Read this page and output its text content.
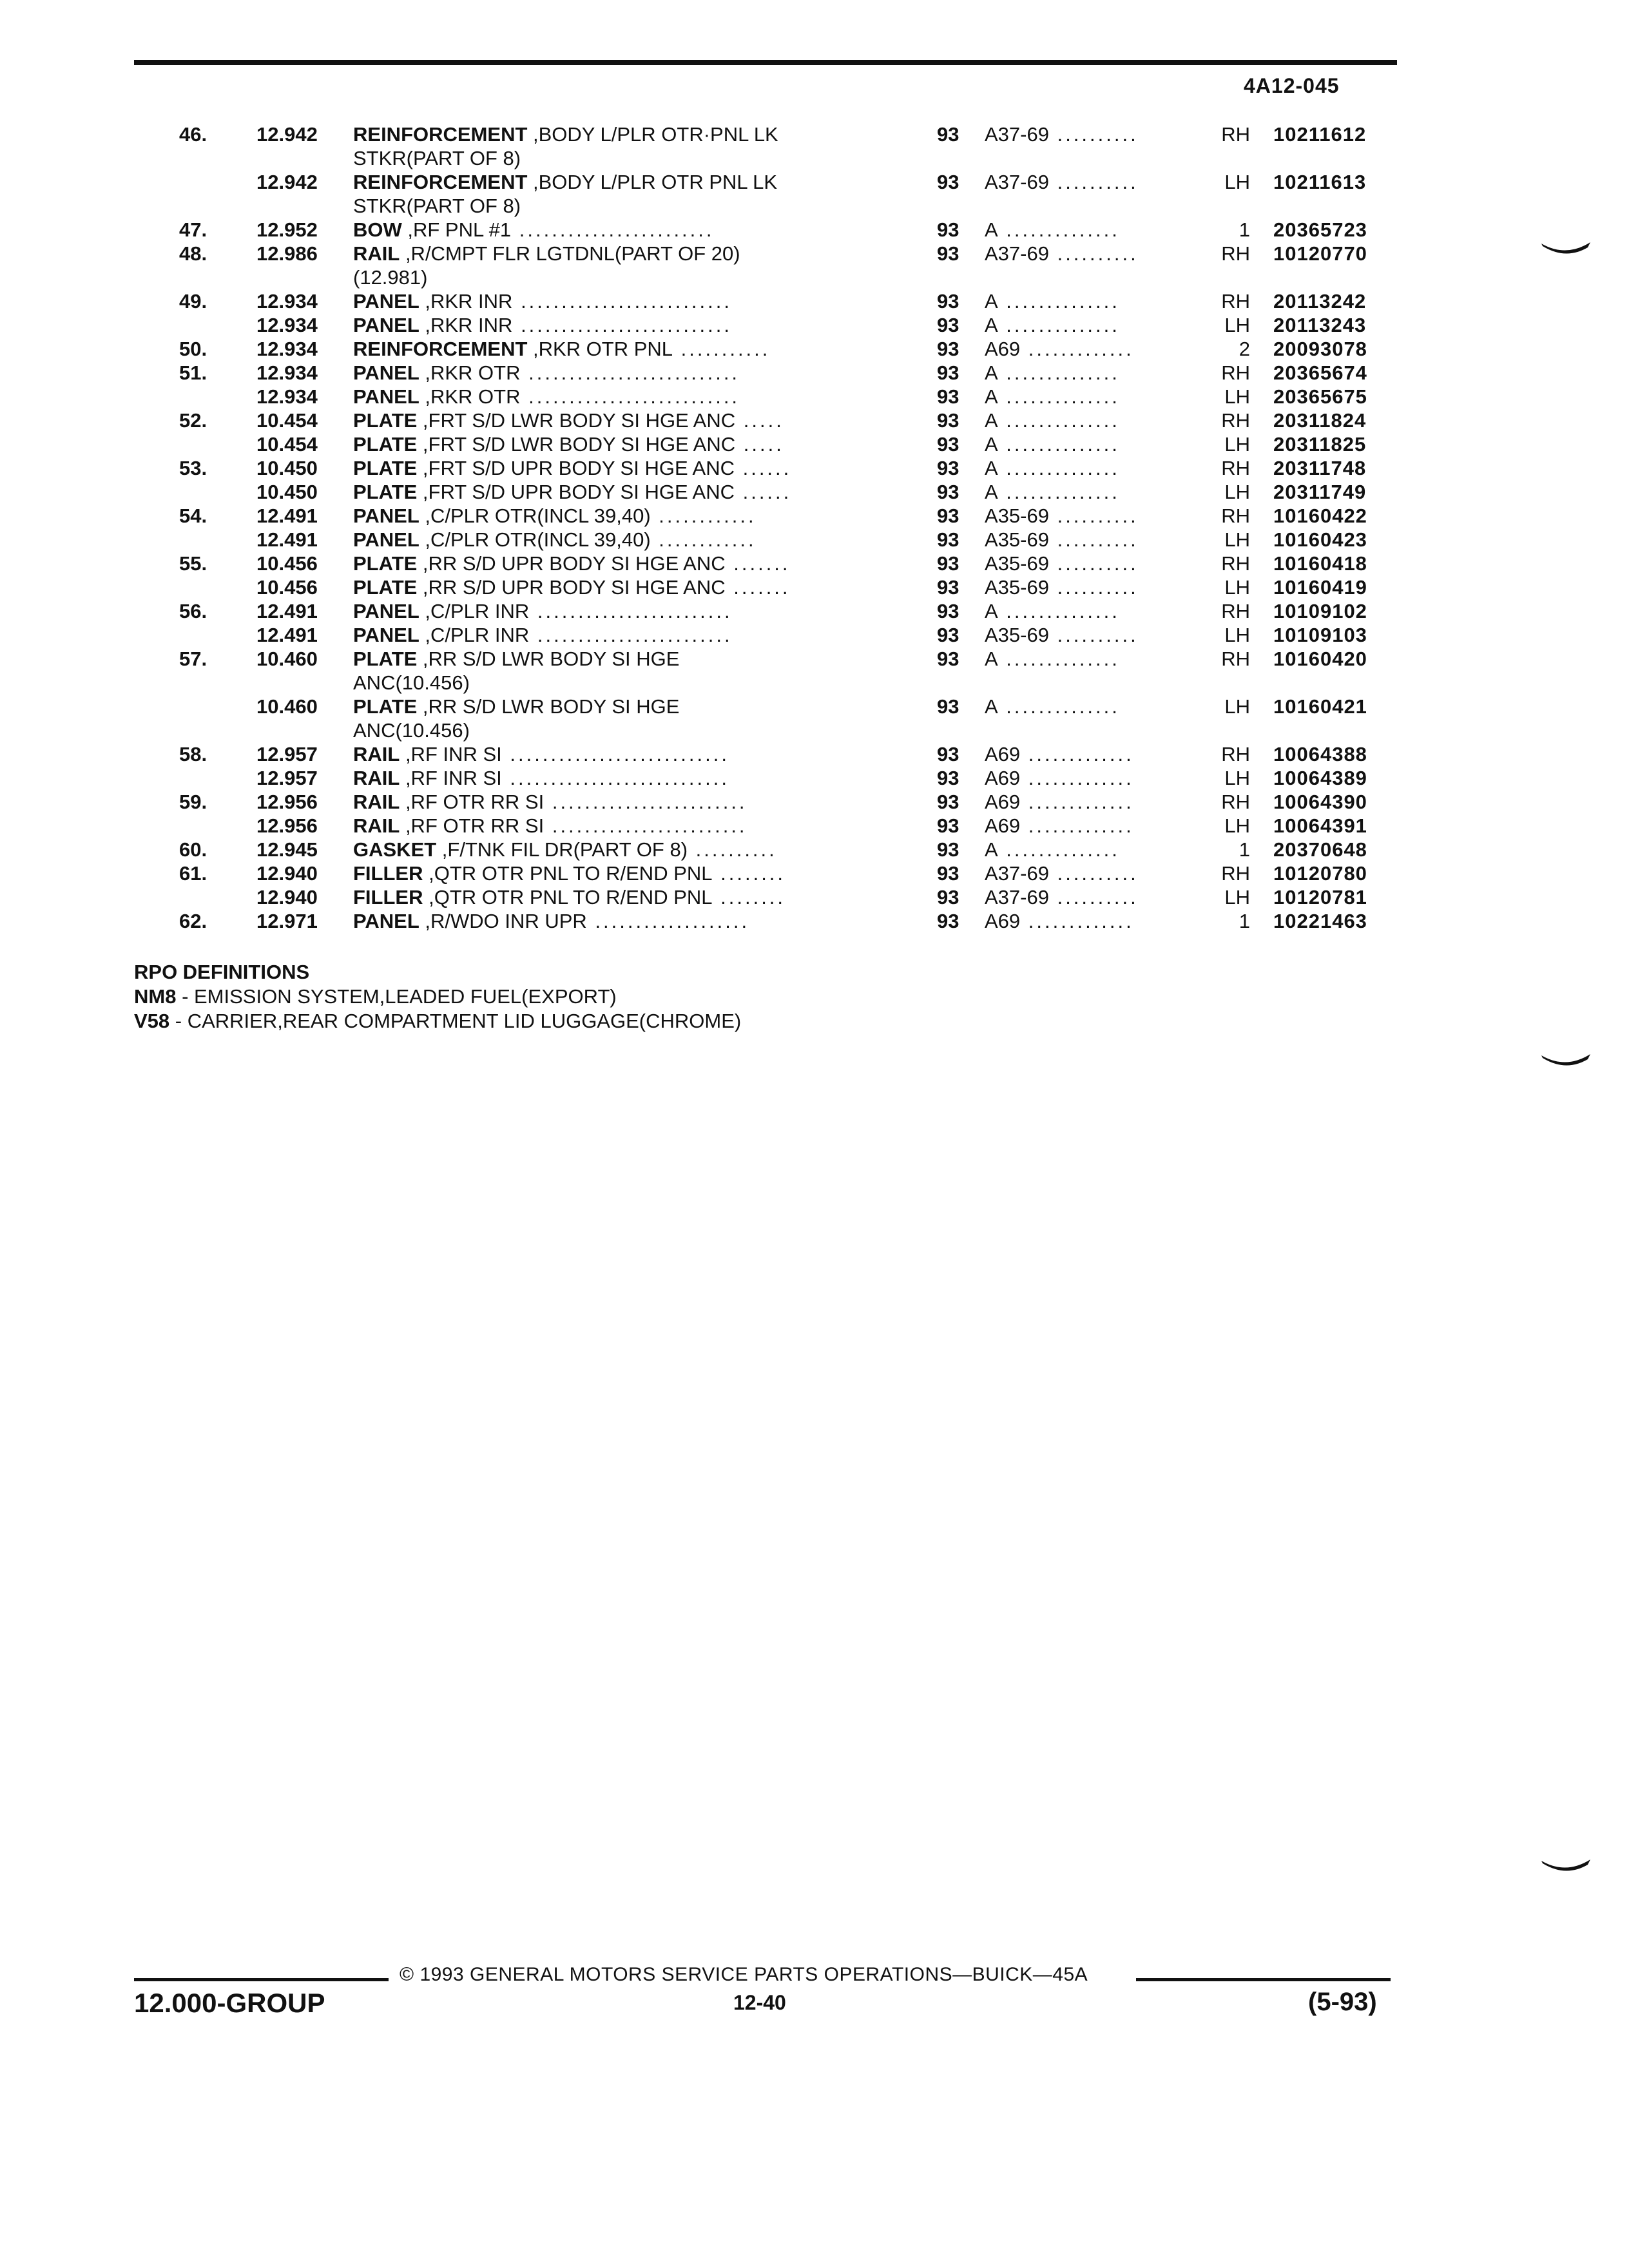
4A12-045
46. 12.942 REINFORCEMENT ,BODY L/PLR OTR·PNL LK	93 A37-69 ..........	RH 10211612
STKR(PART OF 8)
12.942 REINFORCEMENT ,BODY L/PLR OTR PNL LK	93 A37-69 ..........	LH 10211613
STKR(PART OF 8)
47. 12.952 BOW ,RF PNL #1 ........................	93 A ..............	1 20365723
48. 12.986 RAIL ,R/CMPT FLR LGTDNL(PART OF 20)	93 A37-69 ..........	RH 10120770
(12.981)
49. 12.934 PANEL ,RKR INR ..........................	93 A ..............	RH 20113242
12.934 PANEL ,RKR INR ..........................	93 A ..............	LH 20113243
50. 12.934 REINFORCEMENT ,RKR OTR PNL ...........	93 A69 .............	2 20093078
51. 12.934 PANEL ,RKR OTR ..........................	93 A ..............	RH 20365674
12.934 PANEL ,RKR OTR ..........................	93 A ..............	LH 20365675
52. 10.454 PLATE ,FRT S/D LWR BODY SI HGE ANC .....	93 A ..............	RH 20311824
10.454 PLATE ,FRT S/D LWR BODY SI HGE ANC .....	93 A ..............	LH 20311825
53. 10.450 PLATE ,FRT S/D UPR BODY SI HGE ANC ......	93 A ..............	RH 20311748
10.450 PLATE ,FRT S/D UPR BODY SI HGE ANC ......	93 A ..............	LH 20311749
54. 12.491 PANEL ,C/PLR OTR(INCL 39,40) ............	93 A35-69 ..........	RH 10160422
12.491 PANEL ,C/PLR OTR(INCL 39,40) ............	93 A35-69 ..........	LH 10160423
55. 10.456 PLATE ,RR S/D UPR BODY SI HGE ANC .......	93 A35-69 ..........	RH 10160418
10.456 PLATE ,RR S/D UPR BODY SI HGE ANC .......	93 A35-69 ..........	LH 10160419
56. 12.491 PANEL ,C/PLR INR ........................	93 A ..............	RH 10109102
12.491 PANEL ,C/PLR INR ........................	93 A35-69 ..........	LH 10109103
57. 10.460 PLATE ,RR S/D LWR BODY SI HGE	93 A ..............	RH 10160420
ANC(10.456)
10.460 PLATE ,RR S/D LWR BODY SI HGE	93 A ..............	LH 10160421
ANC(10.456)
58. 12.957 RAIL ,RF INR SI ...........................	93 A69 .............	RH 10064388
12.957 RAIL ,RF INR SI ...........................	93 A69 .............	LH 10064389
59. 12.956 RAIL ,RF OTR RR SI ........................	93 A69 .............	RH 10064390
12.956 RAIL ,RF OTR RR SI ........................	93 A69 .............	LH 10064391
60. 12.945 GASKET ,F/TNK FIL DR(PART OF 8) ..........	93 A ..............	1 20370648
61. 12.940 FILLER ,QTR OTR PNL TO R/END PNL ........	93 A37-69 ..........	RH 10120780
12.940 FILLER ,QTR OTR PNL TO R/END PNL ........	93 A37-69 ..........	LH 10120781
62. 12.971 PANEL ,R/WDO INR UPR ...................	93 A69 .............	1 10221463
RPO DEFINITIONS
NM8 - EMISSION SYSTEM,LEADED FUEL(EXPORT)
V58 - CARRIER,REAR COMPARTMENT LID LUGGAGE(CHROME)
© 1993 GENERAL MOTORS SERVICE PARTS OPERATIONS—BUICK—45A
12.000-GROUP	12-40	(5-93)
